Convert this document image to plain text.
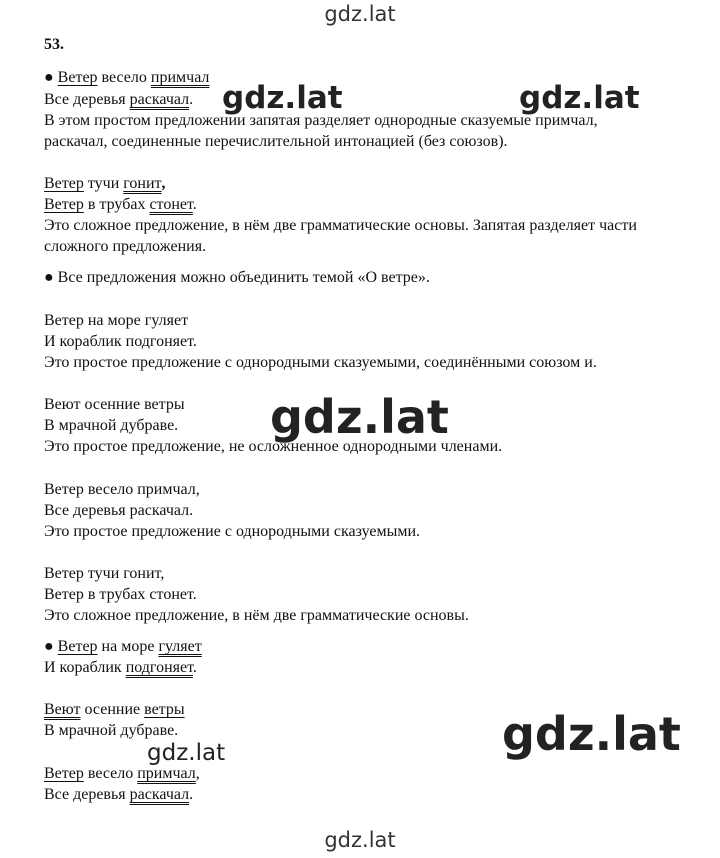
gdz.lat
53.
● Ветер весело примчал
Все деревья раскачал.
В этом простом предложении запятая разделяет однородные сказуемые примчал,
раскачал, соединенные перечислительной интонацией (без союзов).
Ветер тучи гонит,
Ветер в трубах стонет.
Это сложное предложение, в нём две грамматические основы. Запятая разделяет части
сложного предложения.
● Все предложения можно объединить темой «О ветре».
Ветер на море гуляет
И кораблик подгоняет.
Это простое предложение с однородными сказуемыми, соединёнными союзом и.
Веют осенние ветры
В мрачной дубраве.
Это простое предложение, не осложненное однородными членами.
Ветер весело примчал,
Все деревья раскачал.
Это простое предложение с однородными сказуемыми.
Ветер тучи гонит,
Ветер в трубах стонет.
Это сложное предложение, в нём две грамматические основы.
● Ветер на море гуляет
И кораблик подгоняет.
Веют осенние ветры
В мрачной дубраве.
Ветер весело примчал,
Все деревья раскачал.
gdz.lat	gdz.lat
gdz.lat
gdz.lat
gdz.lat
gdz.lat
